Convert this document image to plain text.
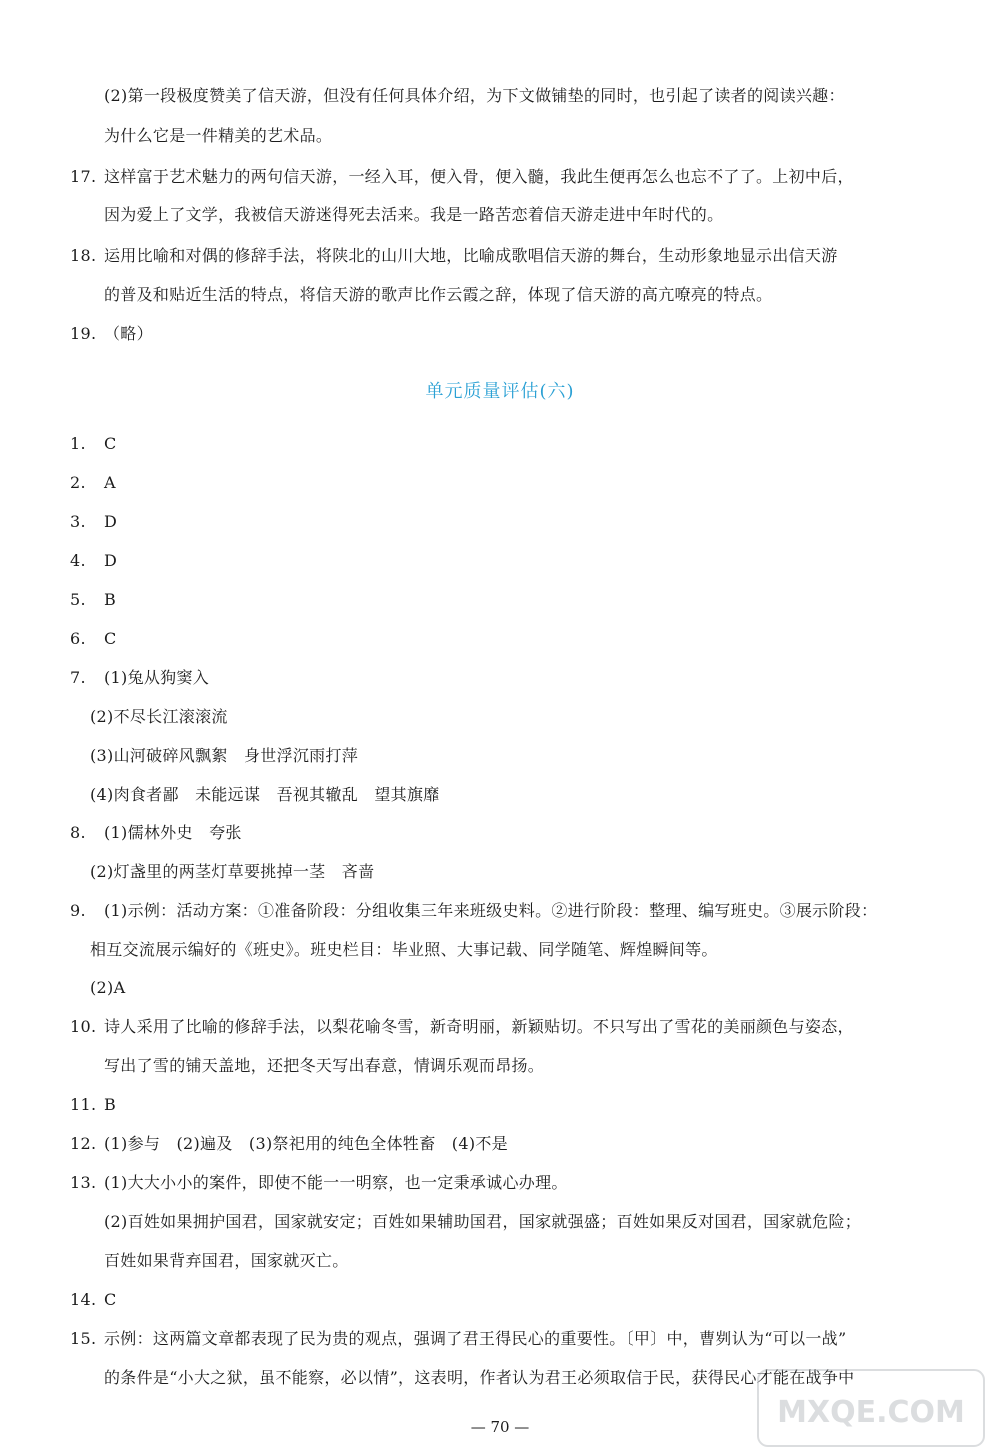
(2)第一段极度赞美了信天游，但没有任何具体介绍，为下文做铺垫的同时，也引起了读者的阅读兴趣：
为什么它是一件精美的艺术品。
17. 这样富于艺术魅力的两句信天游，一经入耳，便入骨，便入髓，我此生便再怎么也忘不了了。上初中后，
因为爱上了文学，我被信天游迷得死去活来。我是一路苦恋着信天游走进中年时代的。
18. 运用比喻和对偶的修辞手法，将陕北的山川大地，比喻成歌唱信天游的舞台，生动形象地显示出信天游
的普及和贴近生活的特点，将信天游的歌声比作云霞之辞，体现了信天游的高亢嘹亮的特点。
19. （略）
单元质量评估(六)
1. C
2. A
3. D
4. D
5. B
6. C
7. (1)兔从狗窦入
(2)不尽长江滚滚流
(3)山河破碎风飘絮　身世浮沉雨打萍
(4)肉食者鄙　未能远谋　吾视其辙乱　望其旗靡
8. (1)儒林外史　夸张
(2)灯盏里的两茎灯草要挑掉一茎　吝啬
9. (1)示例：活动方案：①准备阶段：分组收集三年来班级史料。②进行阶段：整理、编写班史。③展示阶段：
相互交流展示编好的《班史》。班史栏目：毕业照、大事记载、同学随笔、辉煌瞬间等。
(2)A
10. 诗人采用了比喻的修辞手法，以梨花喻冬雪，新奇明丽，新颖贴切。不只写出了雪花的美丽颜色与姿态，
写出了雪的铺天盖地，还把冬天写出春意，情调乐观而昂扬。
11. B
12. (1)参与　(2)遍及　(3)祭祀用的纯色全体牲畜　(4)不是
13. (1)大大小小的案件，即使不能一一明察，也一定秉承诚心办理。
(2)百姓如果拥护国君，国家就安定；百姓如果辅助国君，国家就强盛；百姓如果反对国君，国家就危险；
百姓如果背弃国君，国家就灭亡。
14. C
15. 示例：这两篇文章都表现了民为贵的观点，强调了君王得民心的重要性。〔甲〕中，曹刿认为“可以一战”
的条件是“小大之狱，虽不能察，必以情”，这表明，作者认为君王必须取信于民，获得民心才能在战争中
— 70 —	MXQE.COM
